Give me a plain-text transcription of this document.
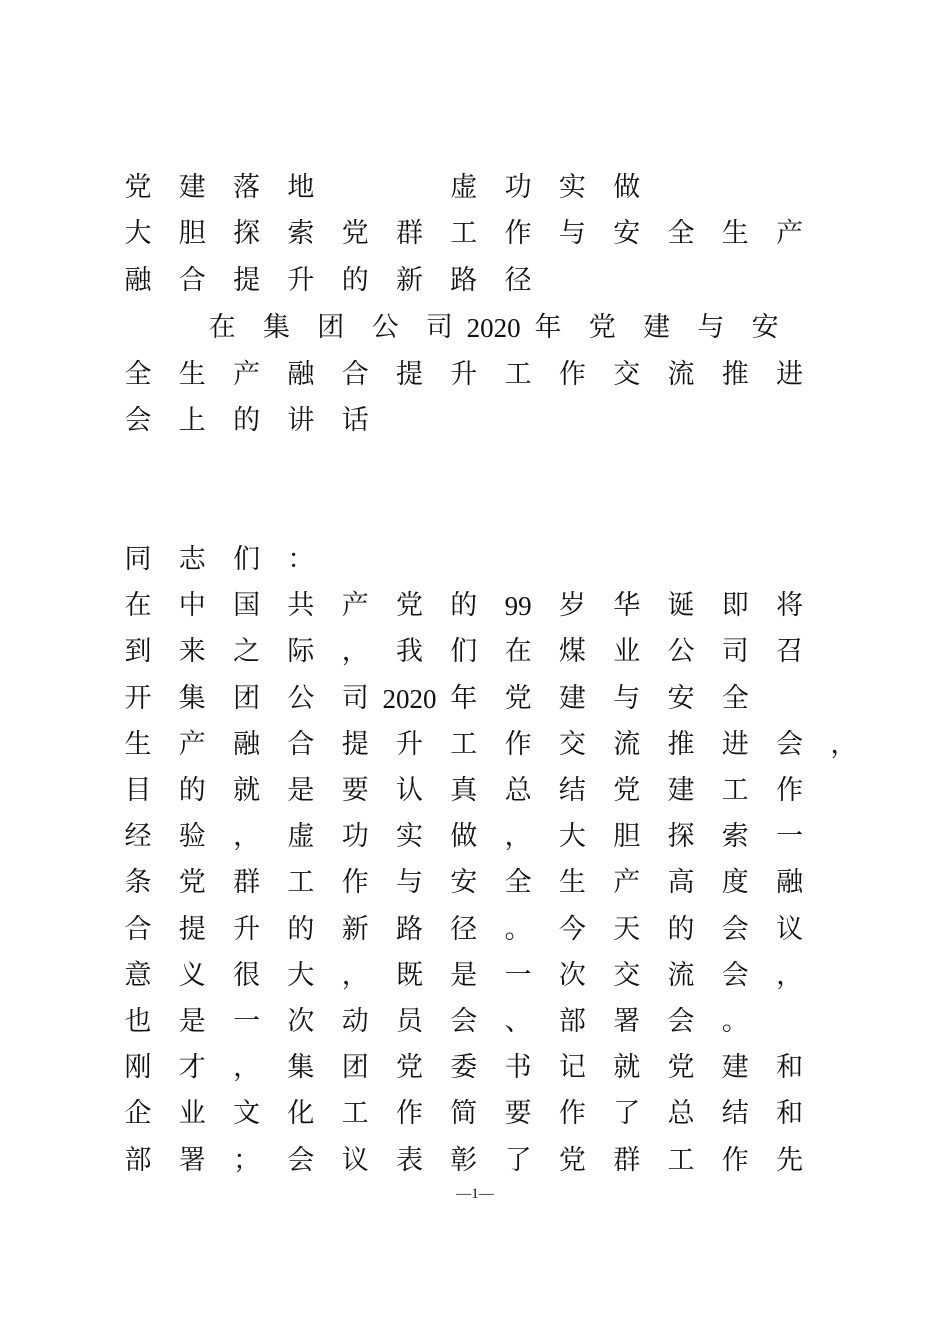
党 建 落 地

　	虚 功 实 做
大 胆 探 索 党 群 工 作 与 安 全 生 产
融 合 提 升 的 新 路 径
在 集 团 公 司 2020 年 党 建 与 安
全 生 产 融 合 提 升 工 作 交 流 推 进
会 上 的 讲 话
同 志 们 ：
在 中 国 共 产 党 的 99 岁 华 诞 即 将
到 来 之 际 ， 我 们 在 煤 业 公 司 召
开 集 团 公 司 2020 年 党 建 与 安 全
生 产 融 合 提 升 工 作 交 流 推 进 会 ，
目 的 就 是 要 认 真 总 结 党 建 工 作
经 验 ， 虚 功 实 做 ， 大 胆 探 索 一
条 党 群 工 作 与 安 全 生 产 高 度 融
合 提 升 的 新 路 径 。 今 天 的 会 议
意 义 很 大 ， 既 是 一 次 交 流 会 ，
也 是 一 次 动 员 会 、 部 署 会 。
刚 才 ， 集 团 党 委 书 记 就 党 建 和
企 业 文 化 工 作 简 要 作 了 总 结 和
部 署 ； 会 议 表 彰 了 党 群 工 作 先
—1—
